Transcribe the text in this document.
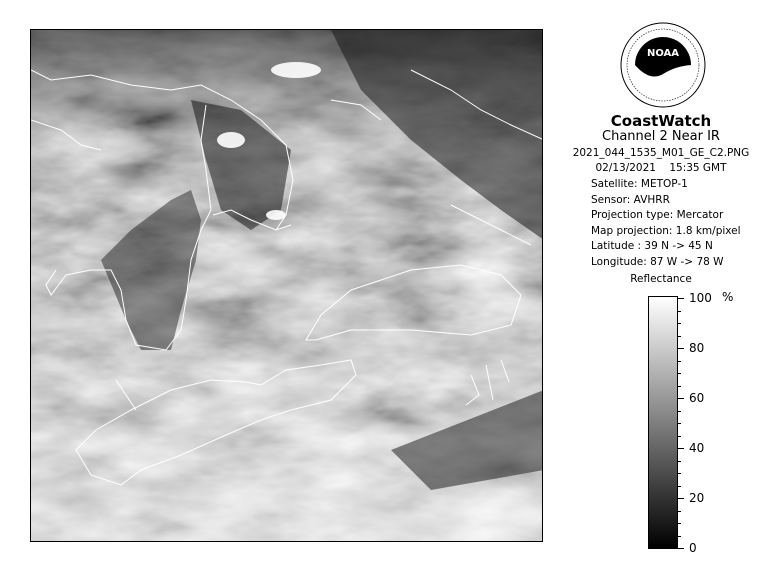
NOAA
CoastWatch
Channel 2 Near IR
2021_044_1535_M01_GE_C2.PNG
02/13/2021 15:35 GMT
Satellite: METOP-1
Sensor: AVHRR
Projection type: Mercator
Map projection: 1.8 km/pixel
Latitude : 39 N -> 45 N
Longitude: 87 W -> 78 W
Reflectance
%
100
80
60
40
20
0
